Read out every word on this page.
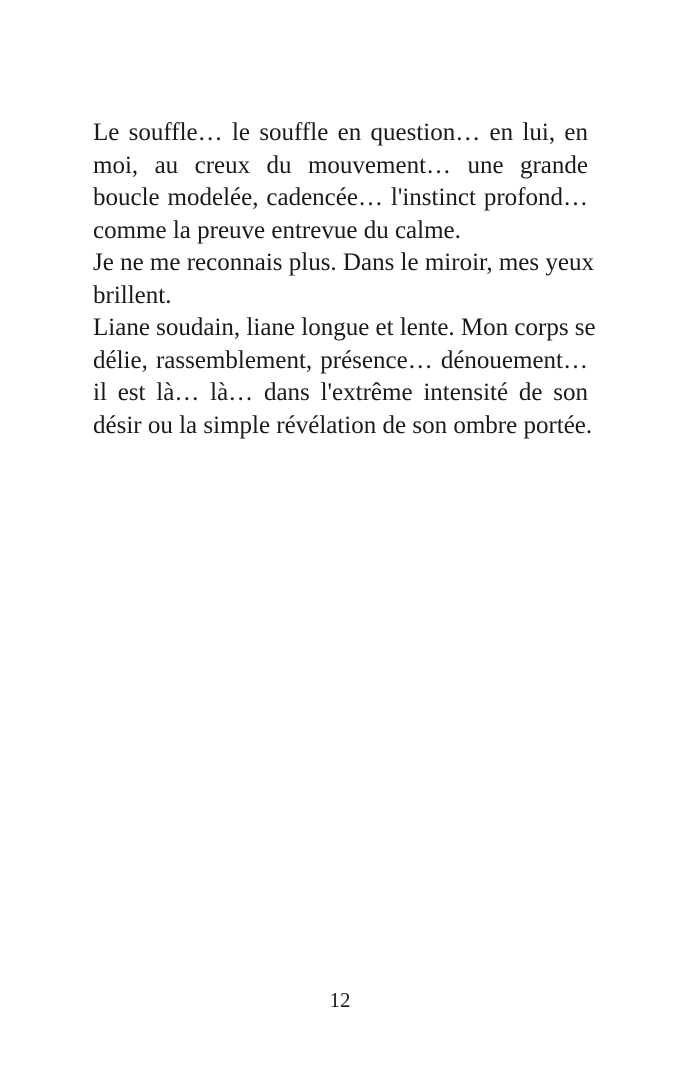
Le souffle… le souffle en question… en lui, en
moi, au creux du mouvement… une grande
boucle modelée, cadencée… l'instinct profond…
comme la preuve entrevue du calme.
Je ne me reconnais plus. Dans le miroir, mes yeux
brillent.
Liane soudain, liane longue et lente. Mon corps se
délie, rassemblement, présence… dénouement…
il est là… là… dans l'extrême intensité de son
désir ou la simple révélation de son ombre portée.
12
